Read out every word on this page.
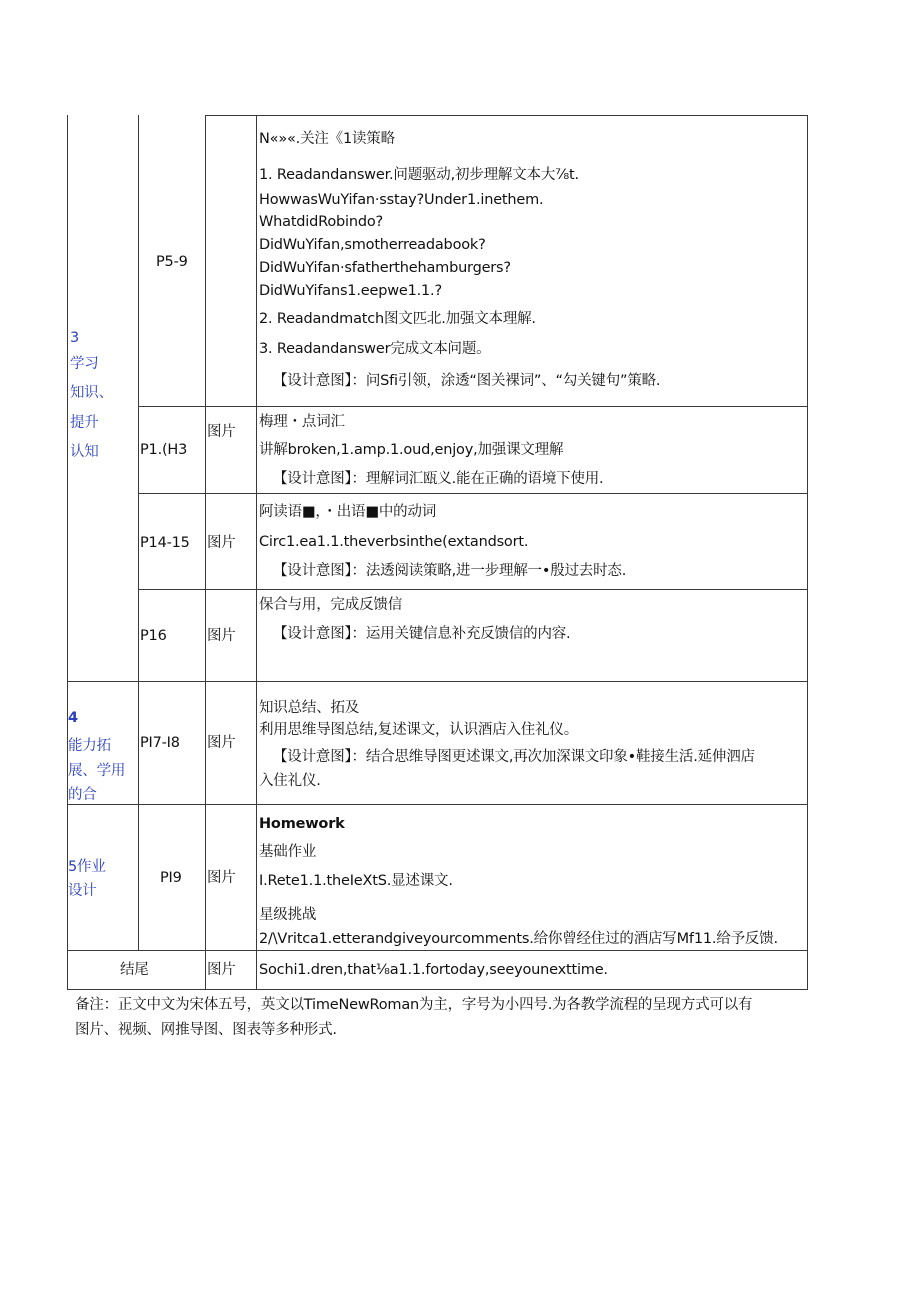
3
学习
知识、
提升
认知
4
能力拓
展、学用
的合
5作业
设计
P5-9
N«»«.关注《1读策略
1. Readandanswer.问题驱动,初步理解文本大⅞t.
HowwasWuYifan·sstay?Under1.inethem.
WhatdidRobindo?
DidWuYifan,smotherreadabook?
DidWuYifan·sfatherthehamburgers?
DidWuYifans1.eepwe1.1.?
2. Readandmatch图文匹北.加强文本理解.
3. Readandanswer完成文本问题。
【设计意图】：问Sfi引领，涂透“图关裸词”、“勾关键句”策略.
P1.(H3
图片
梅理・点词汇
讲解broken,1.amp.1.oud,enjoy,加强课文理解
【设计意图】：理解词汇瓯义.能在正确的语境下使用.
P14-15 图片
阿读语■，・出语■中的动词
Circ1.ea1.1.theverbsinthe(extandsort.
【设计意图】：法透阅读策略,进一步理解一•殷过去时态.
P16	图片
保合与用，完成反馈信
【设计意图】：运用关键信息补充反馈信的内容.
PI7-I8 图片
知识总结、拓及
利用思维导图总结,复述课文，认识酒店入住礼仪。
【设计意图】：结合思维导图更述课文,再次加深课文印象•鞋接生活.延伸泗店
入住礼仪.
PI9 图片
Homework
基础作业
I.Rete1.1.theIeXtS.显述课文.
星级挑战
2∕\Vritca1.etterandgiveyourcomments.给你曾经住过的酒店写Mf11.给予反馈.
结尾	图片 Sochi1.dren,that⅛a1.1.fortoday,seeyounexttime.
备注：正文中文为宋体五号，英文以TimeNewRoman为主，字号为小四号.为各教学流程的呈现方式可以有
图片、视频、网推导图、图表等多种形式.
